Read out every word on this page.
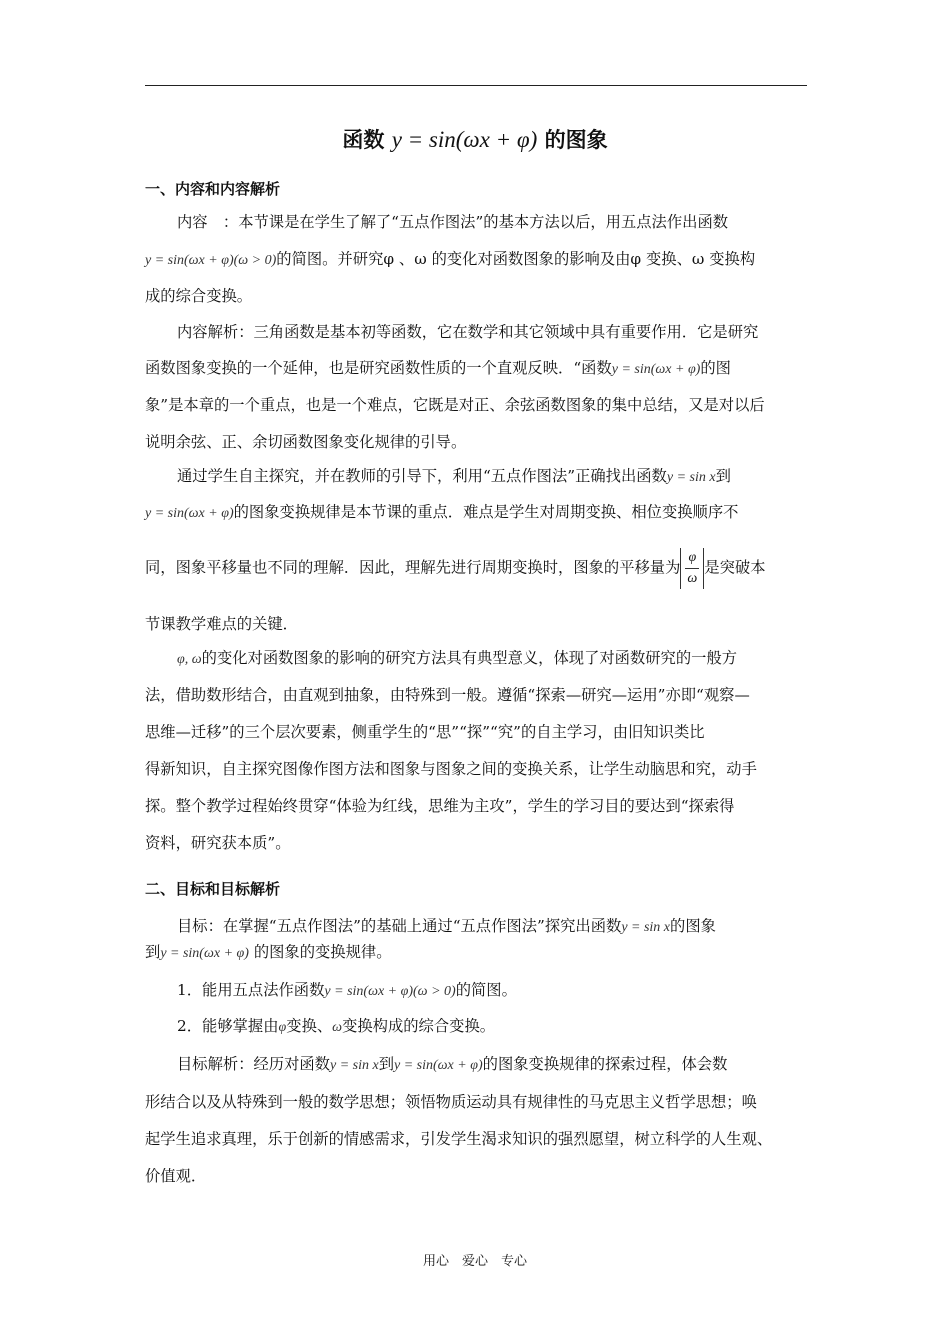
函数 y = sin(ωx + φ) 的图象
一、内容和内容解析
内容　：本节课是在学生了解了“五点作图法”的基本方法以后，用五点法作出函数
y = sin(ωx + φ)(ω > 0)的简图。并研究φ 、ω 的变化对函数图象的影响及由φ 变换、ω 变换构
成的综合变换。
内容解析：三角函数是基本初等函数，它在数学和其它领域中具有重要作用．它是研究
函数图象变换的一个延伸，也是研究函数性质的一个直观反映．“函数y = sin(ωx + φ)的图
象”是本章的一个重点，也是一个难点，它既是对正、余弦函数图象的集中总结，又是对以后
说明余弦、正、余切函数图象变化规律的引导。
通过学生自主探究，并在教师的引导下，利用“五点作图法”正确找出函数y = sin x到
y = sin(ωx + φ)的图象变换规律是本节课的重点．难点是学生对周期变换、相位变换顺序不
同，图象平移量也不同的理解．因此，理解先进行周期变换时，图象的平移量为 $\frac{\varphi}{\omega}$ 是突破本
节课教学难点的关键．
φ, ω的变化对函数图象的影响的研究方法具有典型意义，体现了对函数研究的一般方
法，借助数形结合，由直观到抽象，由特殊到一般。遵循“探索—研究—运用”亦即“观察—
思维—迁移”的三个层次要素，侧重学生的“思”“探”“究”的自主学习，由旧知识类比
得新知识，自主探究图像作图方法和图象与图象之间的变换关系，让学生动脑思和究，动手
探。整个教学过程始终贯穿“体验为红线，思维为主攻”，学生的学习目的要达到“探索得
资料，研究获本质”。
二、目标和目标解析
目标：在掌握“五点作图法”的基础上通过“五点作图法”探究出函数y = sin x的图象
到y = sin(ωx + φ) 的图象的变换规律。
1．能用五点法作函数y = sin(ωx + φ)(ω > 0)的简图。
2．能够掌握由φ变换、ω变换构成的综合变换。
目标解析：经历对函数y = sin x到y = sin(ωx + φ)的图象变换规律的探索过程，体会数
形结合以及从特殊到一般的数学思想；领悟物质运动具有规律性的马克思主义哲学思想；唤
起学生追求真理，乐于创新的情感需求，引发学生渴求知识的强烈愿望，树立科学的人生观、
价值观．
用心　爱心　专心
